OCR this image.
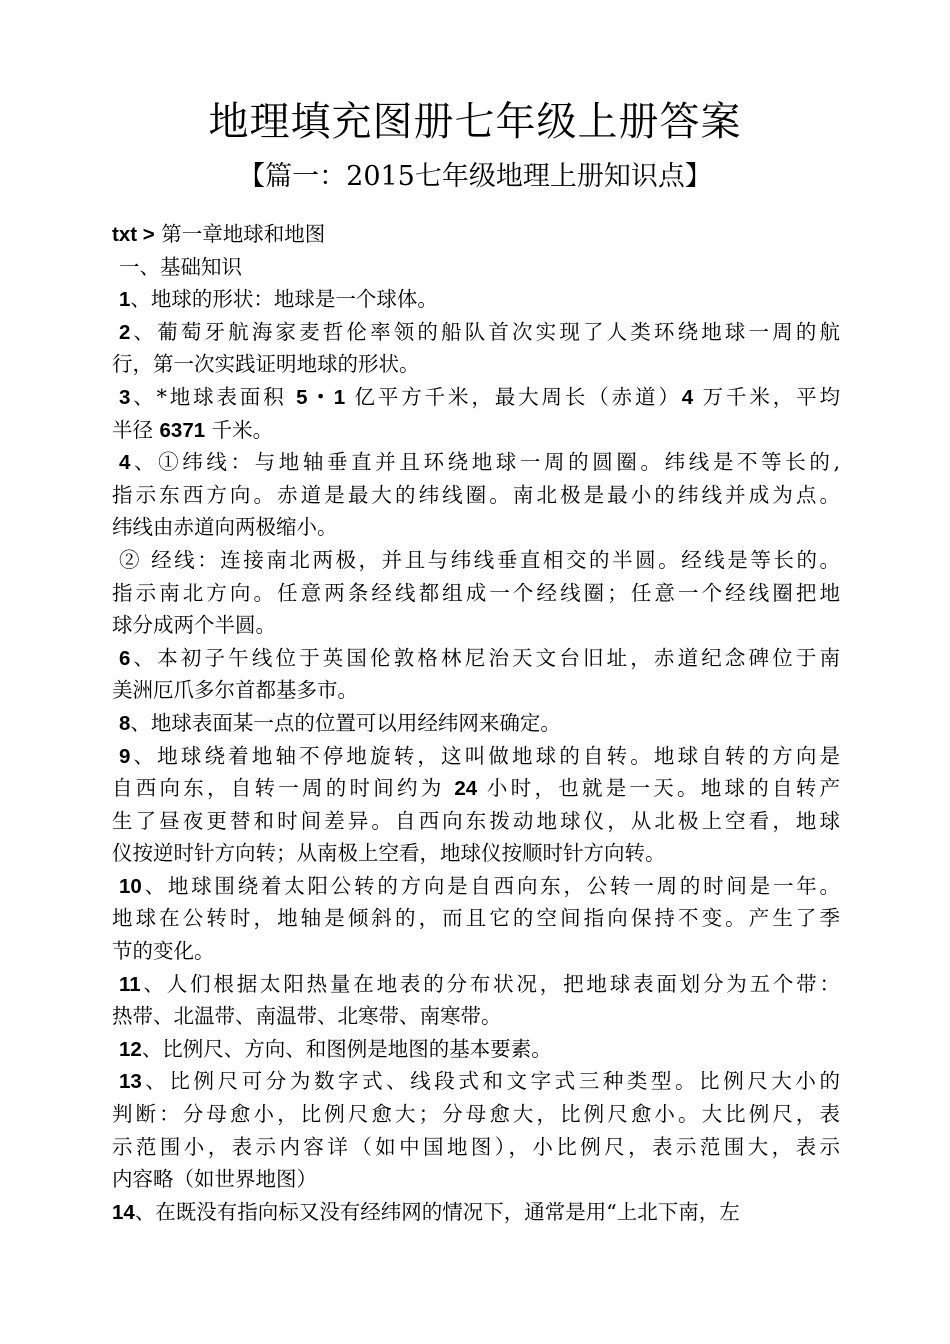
地理填充图册七年级上册答案
【篇一：2015七年级地理上册知识点】
txt > 第一章地球和地图
一、基础知识
1、地球的形状：地球是一个球体。
2、葡萄牙航海家麦哲伦率领的船队首次实现了人类环绕地球一周的航
行，第一次实践证明地球的形状。
3、*地球表面积 5・1 亿平方千米，最大周长（赤道）4 万千米，平均
半径 6371 千米。
4、①纬线：与地轴垂直并且环绕地球一周的圆圈。纬线是不等长的,
指示东西方向。赤道是最大的纬线圈。南北极是最小的纬线并成为点。
纬线由赤道向两极缩小。
② 经线：连接南北两极，并且与纬线垂直相交的半圆。经线是等长的。
指示南北方向。任意两条经线都组成一个经线圈；任意一个经线圈把地
球分成两个半圆。
6、本初子午线位于英国伦敦格林尼治天文台旧址，赤道纪念碑位于南
美洲厄爪多尔首都基多市。
8、地球表面某一点的位置可以用经纬网来确定。
9、地球绕着地轴不停地旋转，这叫做地球的自转。地球自转的方向是
自西向东，自转一周的时间约为 24 小时，也就是一天。地球的自转产
生了昼夜更替和时间差异。自西向东拨动地球仪，从北极上空看，地球
仪按逆时针方向转；从南极上空看，地球仪按顺时针方向转。
10、地球围绕着太阳公转的方向是自西向东，公转一周的时间是一年。
地球在公转时，地轴是倾斜的，而且它的空间指向保持不变。产生了季
节的变化。
11、人们根据太阳热量在地表的分布状况，把地球表面划分为五个带：
热带、北温带、南温带、北寒带、南寒带。
12、比例尺、方向、和图例是地图的基本要素。
13、比例尺可分为数字式、线段式和文字式三种类型。比例尺大小的
判断：分母愈小，比例尺愈大；分母愈大，比例尺愈小。大比例尺，表
示范围小，表示内容详（如中国地图），小比例尺，表示范围大，表示
内容略（如世界地图）
14、在既没有指向标又没有经纬网的情况下，通常是用“上北下南，左
